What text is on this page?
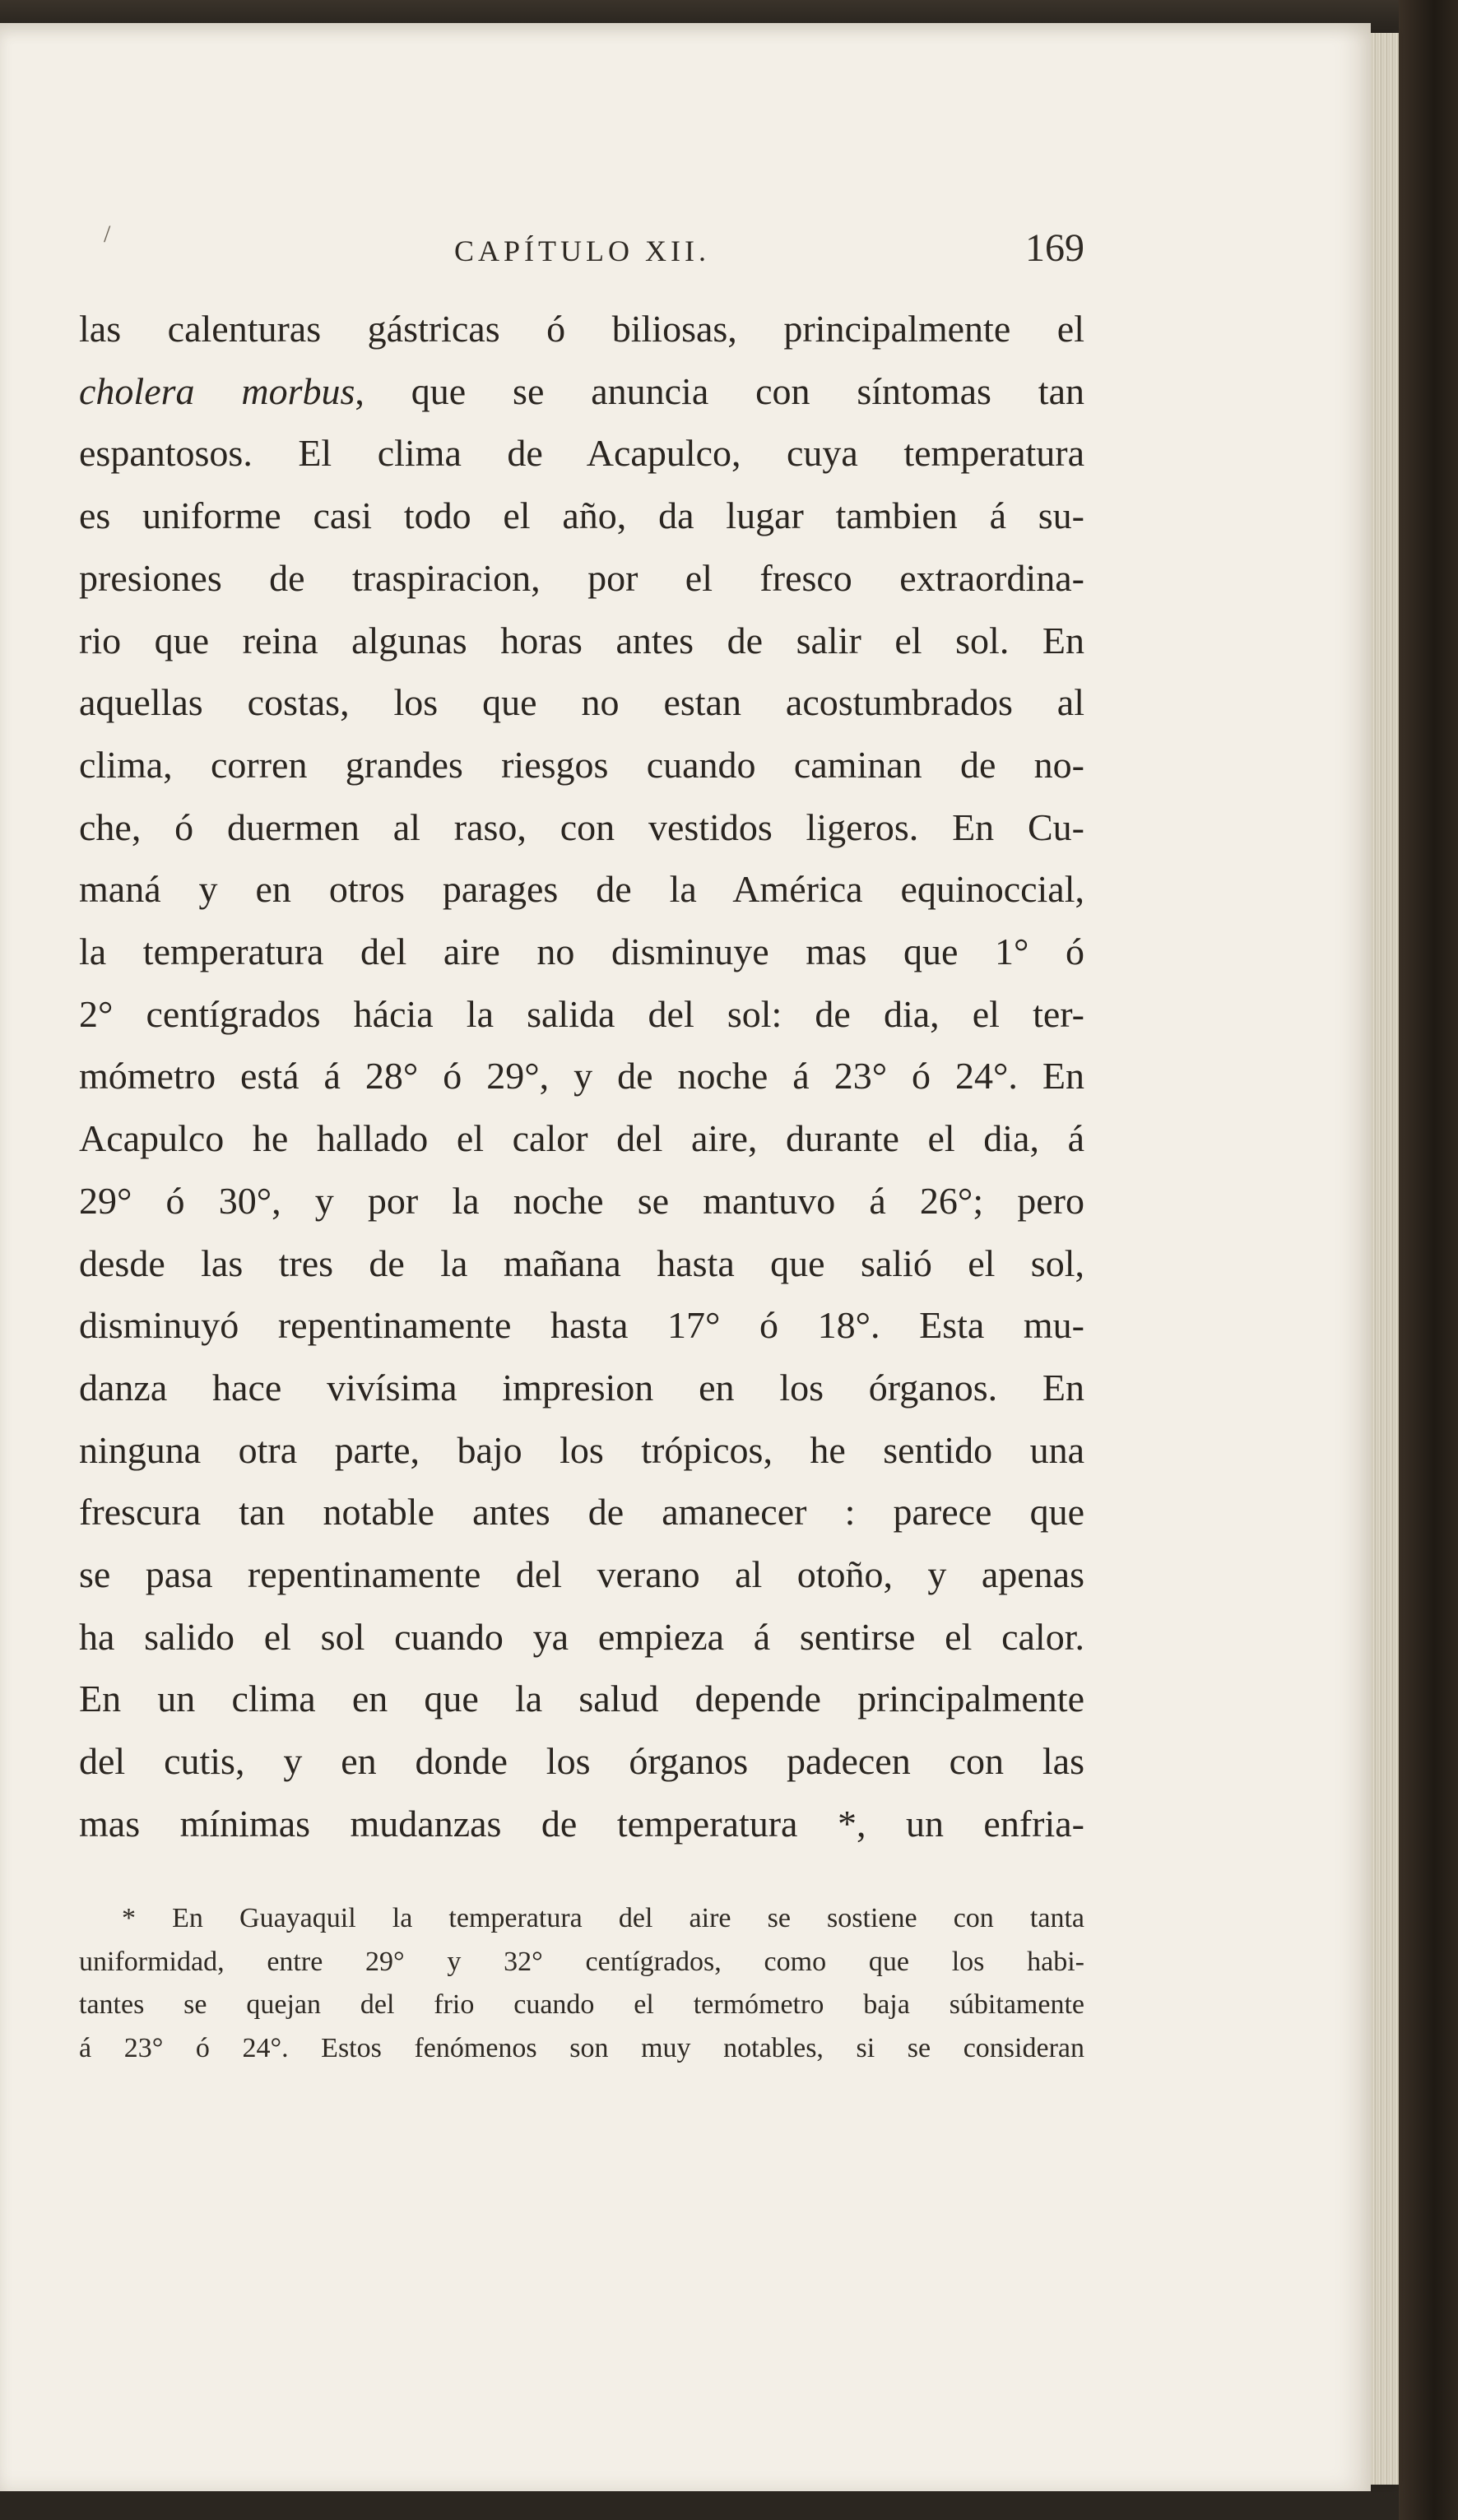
/
CAPÍTULO XII.	169
las calenturas gástricas ó biliosas, principalmente el
cholera morbus, que se anuncia con síntomas tan
espantosos. El clima de Acapulco, cuya temperatura
es uniforme casi todo el año, da lugar tambien á su-
presiones de traspiracion, por el fresco extraordina-
rio que reina algunas horas antes de salir el sol. En
aquellas costas, los que no estan acostumbrados al
clima, corren grandes riesgos cuando caminan de no-
che, ó duermen al raso, con vestidos ligeros. En Cu-
maná y en otros parages de la América equinoccial,
la temperatura del aire no disminuye mas que 1° ó
2° centígrados hácia la salida del sol: de dia, el ter-
mómetro está á 28° ó 29°, y de noche á 23° ó 24°. En
Acapulco he hallado el calor del aire, durante el dia, á
29° ó 30°, y por la noche se mantuvo á 26°; pero
desde las tres de la mañana hasta que salió el sol,
disminuyó repentinamente hasta 17° ó 18°. Esta mu-
danza hace vivísima impresion en los órganos. En
ninguna otra parte, bajo los trópicos, he sentido una
frescura tan notable antes de amanecer : parece que
se pasa repentinamente del verano al otoño, y apenas
ha salido el sol cuando ya empieza á sentirse el calor.
En un clima en que la salud depende principalmente
del cutis, y en donde los órganos padecen con las
mas mínimas mudanzas de temperatura *, un enfria-
* En Guayaquil la temperatura del aire se sostiene con tanta
uniformidad, entre 29° y 32° centígrados, como que los habi-
tantes se quejan del frio cuando el termómetro baja súbitamente
á 23° ó 24°. Estos fenómenos son muy notables, si se consideran
